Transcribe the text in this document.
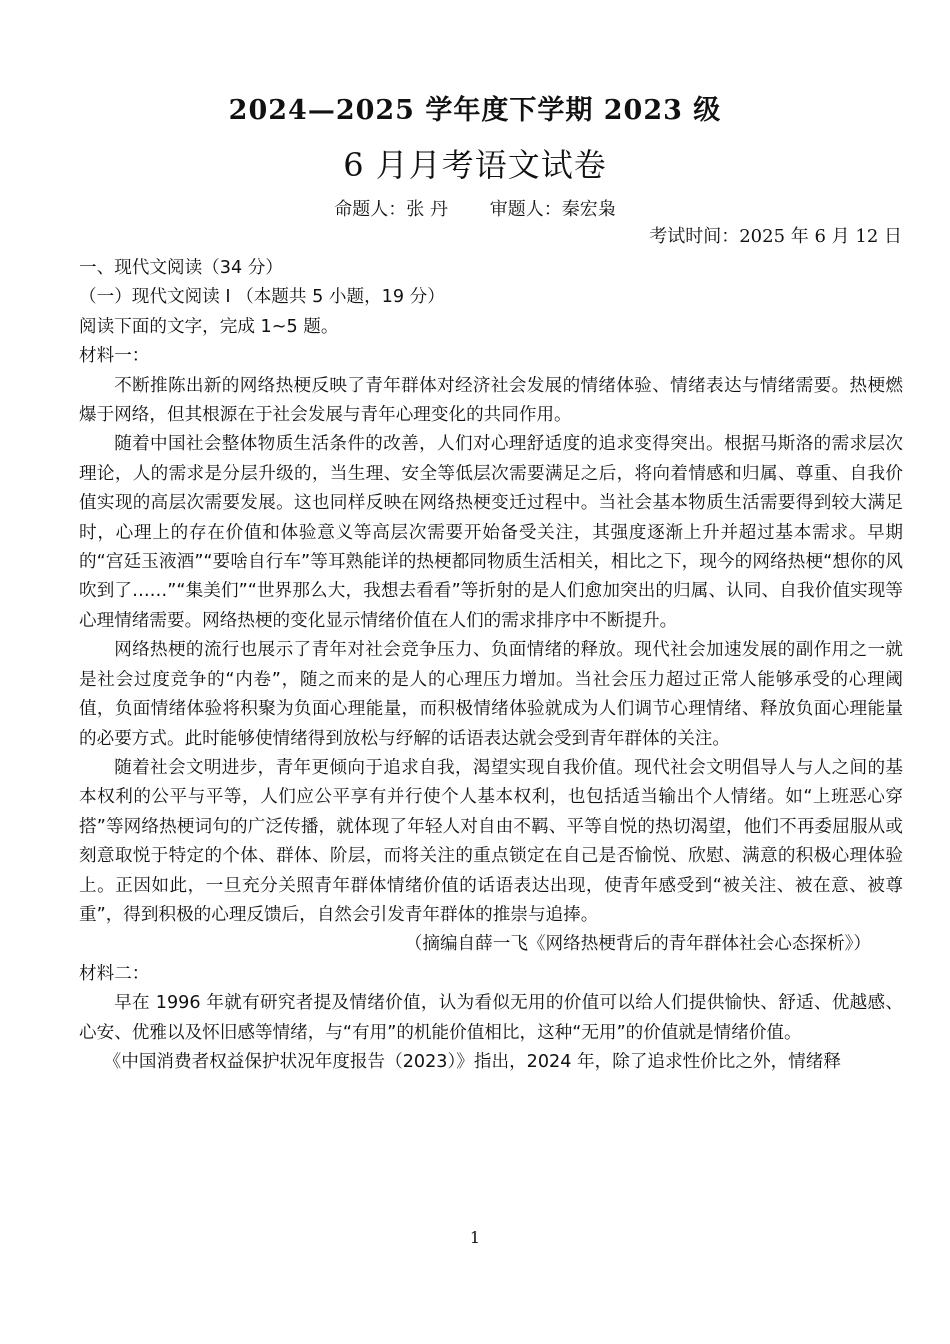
2024—2025 学年度下学期 2023 级
6 月月考语文试卷
命题人：张 丹 审题人：秦宏枭
考试时间：2025 年 6 月 12 日

一、现代文阅读（34 分）

（一）现代文阅读 I （本题共 5 小题，19 分）

阅读下面的文字，完成 1~5 题。

材料一：

不断推陈出新的网络热梗反映了青年群体对经济社会发展的情绪体验、情绪表达与情绪需要。热梗燃爆于网络，但其根源在于社会发展与青年心理变化的共同作用。

随着中国社会整体物质生活条件的改善，人们对心理舒适度的追求变得突出。根据马斯洛的需求层次理论，人的需求是分层升级的，当生理、安全等低层次需要满足之后，将向着情感和归属、尊重、自我价值实现的高层次需要发展。这也同样反映在网络热梗变迁过程中。当社会基本物质生活需要得到较大满足时，心理上的存在价值和体验意义等高层次需要开始备受关注，其强度逐渐上升并超过基本需求。早期的“宫廷玉液酒”“要啥自行车”等耳熟能详的热梗都同物质生活相关，相比之下，现今的网络热梗“想你的风吹到了……”“集美们”“世界那么大，我想去看看”等折射的是人们愈加突出的归属、认同、自我价值实现等心理情绪需要。网络热梗的变化显示情绪价值在人们的需求排序中不断提升。

网络热梗的流行也展示了青年对社会竞争压力、负面情绪的释放。现代社会加速发展的副作用之一就是社会过度竞争的“内卷”，随之而来的是人的心理压力增加。当社会压力超过正常人能够承受的心理阈值，负面情绪体验将积聚为负面心理能量，而积极情绪体验就成为人们调节心理情绪、释放负面心理能量的必要方式。此时能够使情绪得到放松与纾解的话语表达就会受到青年群体的关注。

随着社会文明进步，青年更倾向于追求自我，渴望实现自我价值。现代社会文明倡导人与人之间的基本权利的公平与平等，人们应公平享有并行使个人基本权利，也包括适当输出个人情绪。如“上班恶心穿搭”等网络热梗词句的广泛传播，就体现了年轻人对自由不羁、平等自悦的热切渴望，他们不再委屈服从或刻意取悦于特定的个体、群体、阶层，而将关注的重点锁定在自己是否愉悦、欣慰、满意的积极心理体验上。正因如此，一旦充分关照青年群体情绪价值的话语表达出现，使青年感受到“被关注、被在意、被尊重”，得到积极的心理反馈后，自然会引发青年群体的推崇与追捧。

（摘编自薛一飞《网络热梗背后的青年群体社会心态探析》）

材料二：

早在 1996 年就有研究者提及情绪价值，认为看似无用的价值可以给人们提供愉快、舒适、优越感、心安、优雅以及怀旧感等情绪，与“有用”的机能价值相比，这种“无用”的价值就是情绪价值。

《中国消费者权益保护状况年度报告（2023）》指出，2024 年，除了追求性价比之外，情绪释

1
